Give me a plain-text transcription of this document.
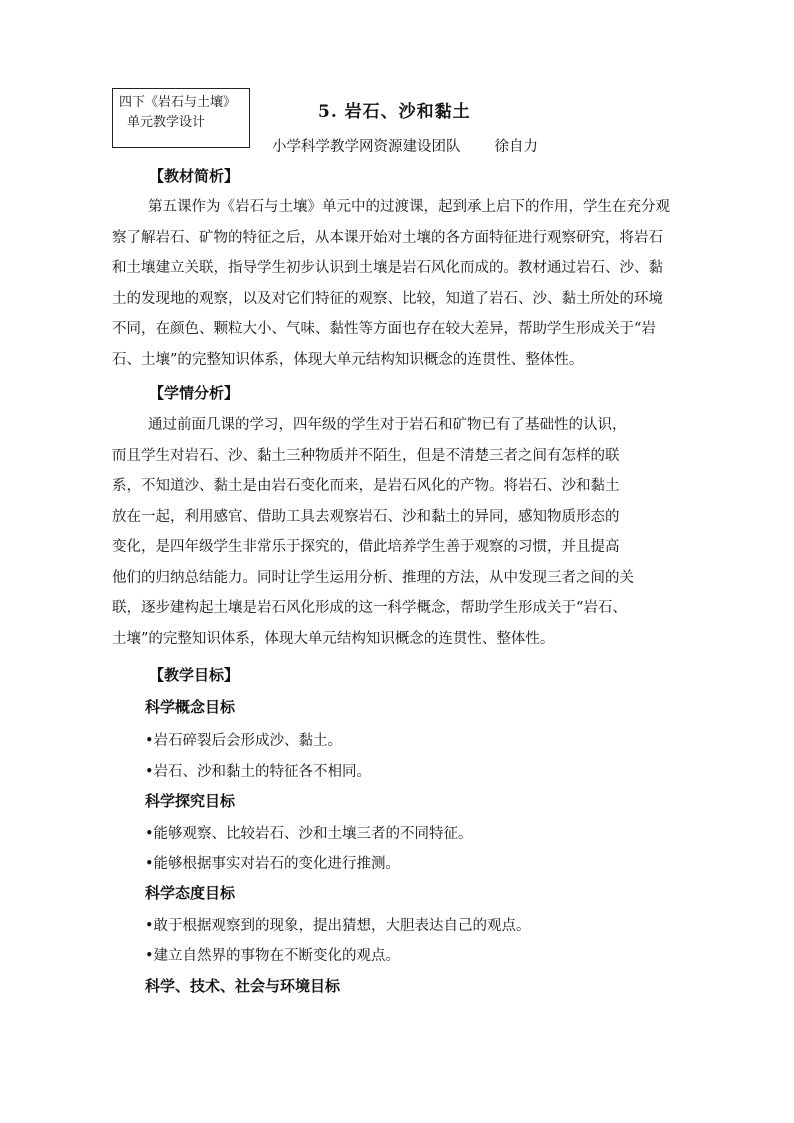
四下《岩石与土壤》
单元教学设计
5. 岩石、沙和黏土
小学科学教学网资源建设团队 徐自力
【教材简析】
第五课作为《岩石与土壤》单元中的过渡课，起到承上启下的作用，学生在充分观
察了解岩石、矿物的特征之后，从本课开始对土壤的各方面特征进行观察研究，将岩石
和土壤建立关联，指导学生初步认识到土壤是岩石风化而成的。教材通过岩石、沙、黏
土的发现地的观察，以及对它们特征的观察、比较，知道了岩石、沙、黏土所处的环境
不同，在颜色、颗粒大小、气味、黏性等方面也存在较大差异，帮助学生形成关于“岩
石、土壤”的完整知识体系，体现大单元结构知识概念的连贯性、整体性。
【学情分析】
通过前面几课的学习，四年级的学生对于岩石和矿物已有了基础性的认识，
而且学生对岩石、沙、黏土三种物质并不陌生，但是不清楚三者之间有怎样的联
系，不知道沙、黏土是由岩石变化而来，是岩石风化的产物。将岩石、沙和黏土
放在一起，利用感官、借助工具去观察岩石、沙和黏土的异同，感知物质形态的
变化，是四年级学生非常乐于探究的，借此培养学生善于观察的习惯，并且提高
他们的归纳总结能力。同时让学生运用分析、推理的方法，从中发现三者之间的关
联，逐步建构起土壤是岩石风化形成的这一科学概念，帮助学生形成关于“岩石、
土壤”的完整知识体系，体现大单元结构知识概念的连贯性、整体性。
【教学目标】
科学概念目标
•岩石碎裂后会形成沙、黏土。
•岩石、沙和黏土的特征各不相同。
科学探究目标
•能够观察、比较岩石、沙和土壤三者的不同特征。
•能够根据事实对岩石的变化进行推测。
科学态度目标
•敢于根据观察到的现象，提出猜想，大胆表达自己的观点。
•建立自然界的事物在不断变化的观点。
科学、技术、社会与环境目标
